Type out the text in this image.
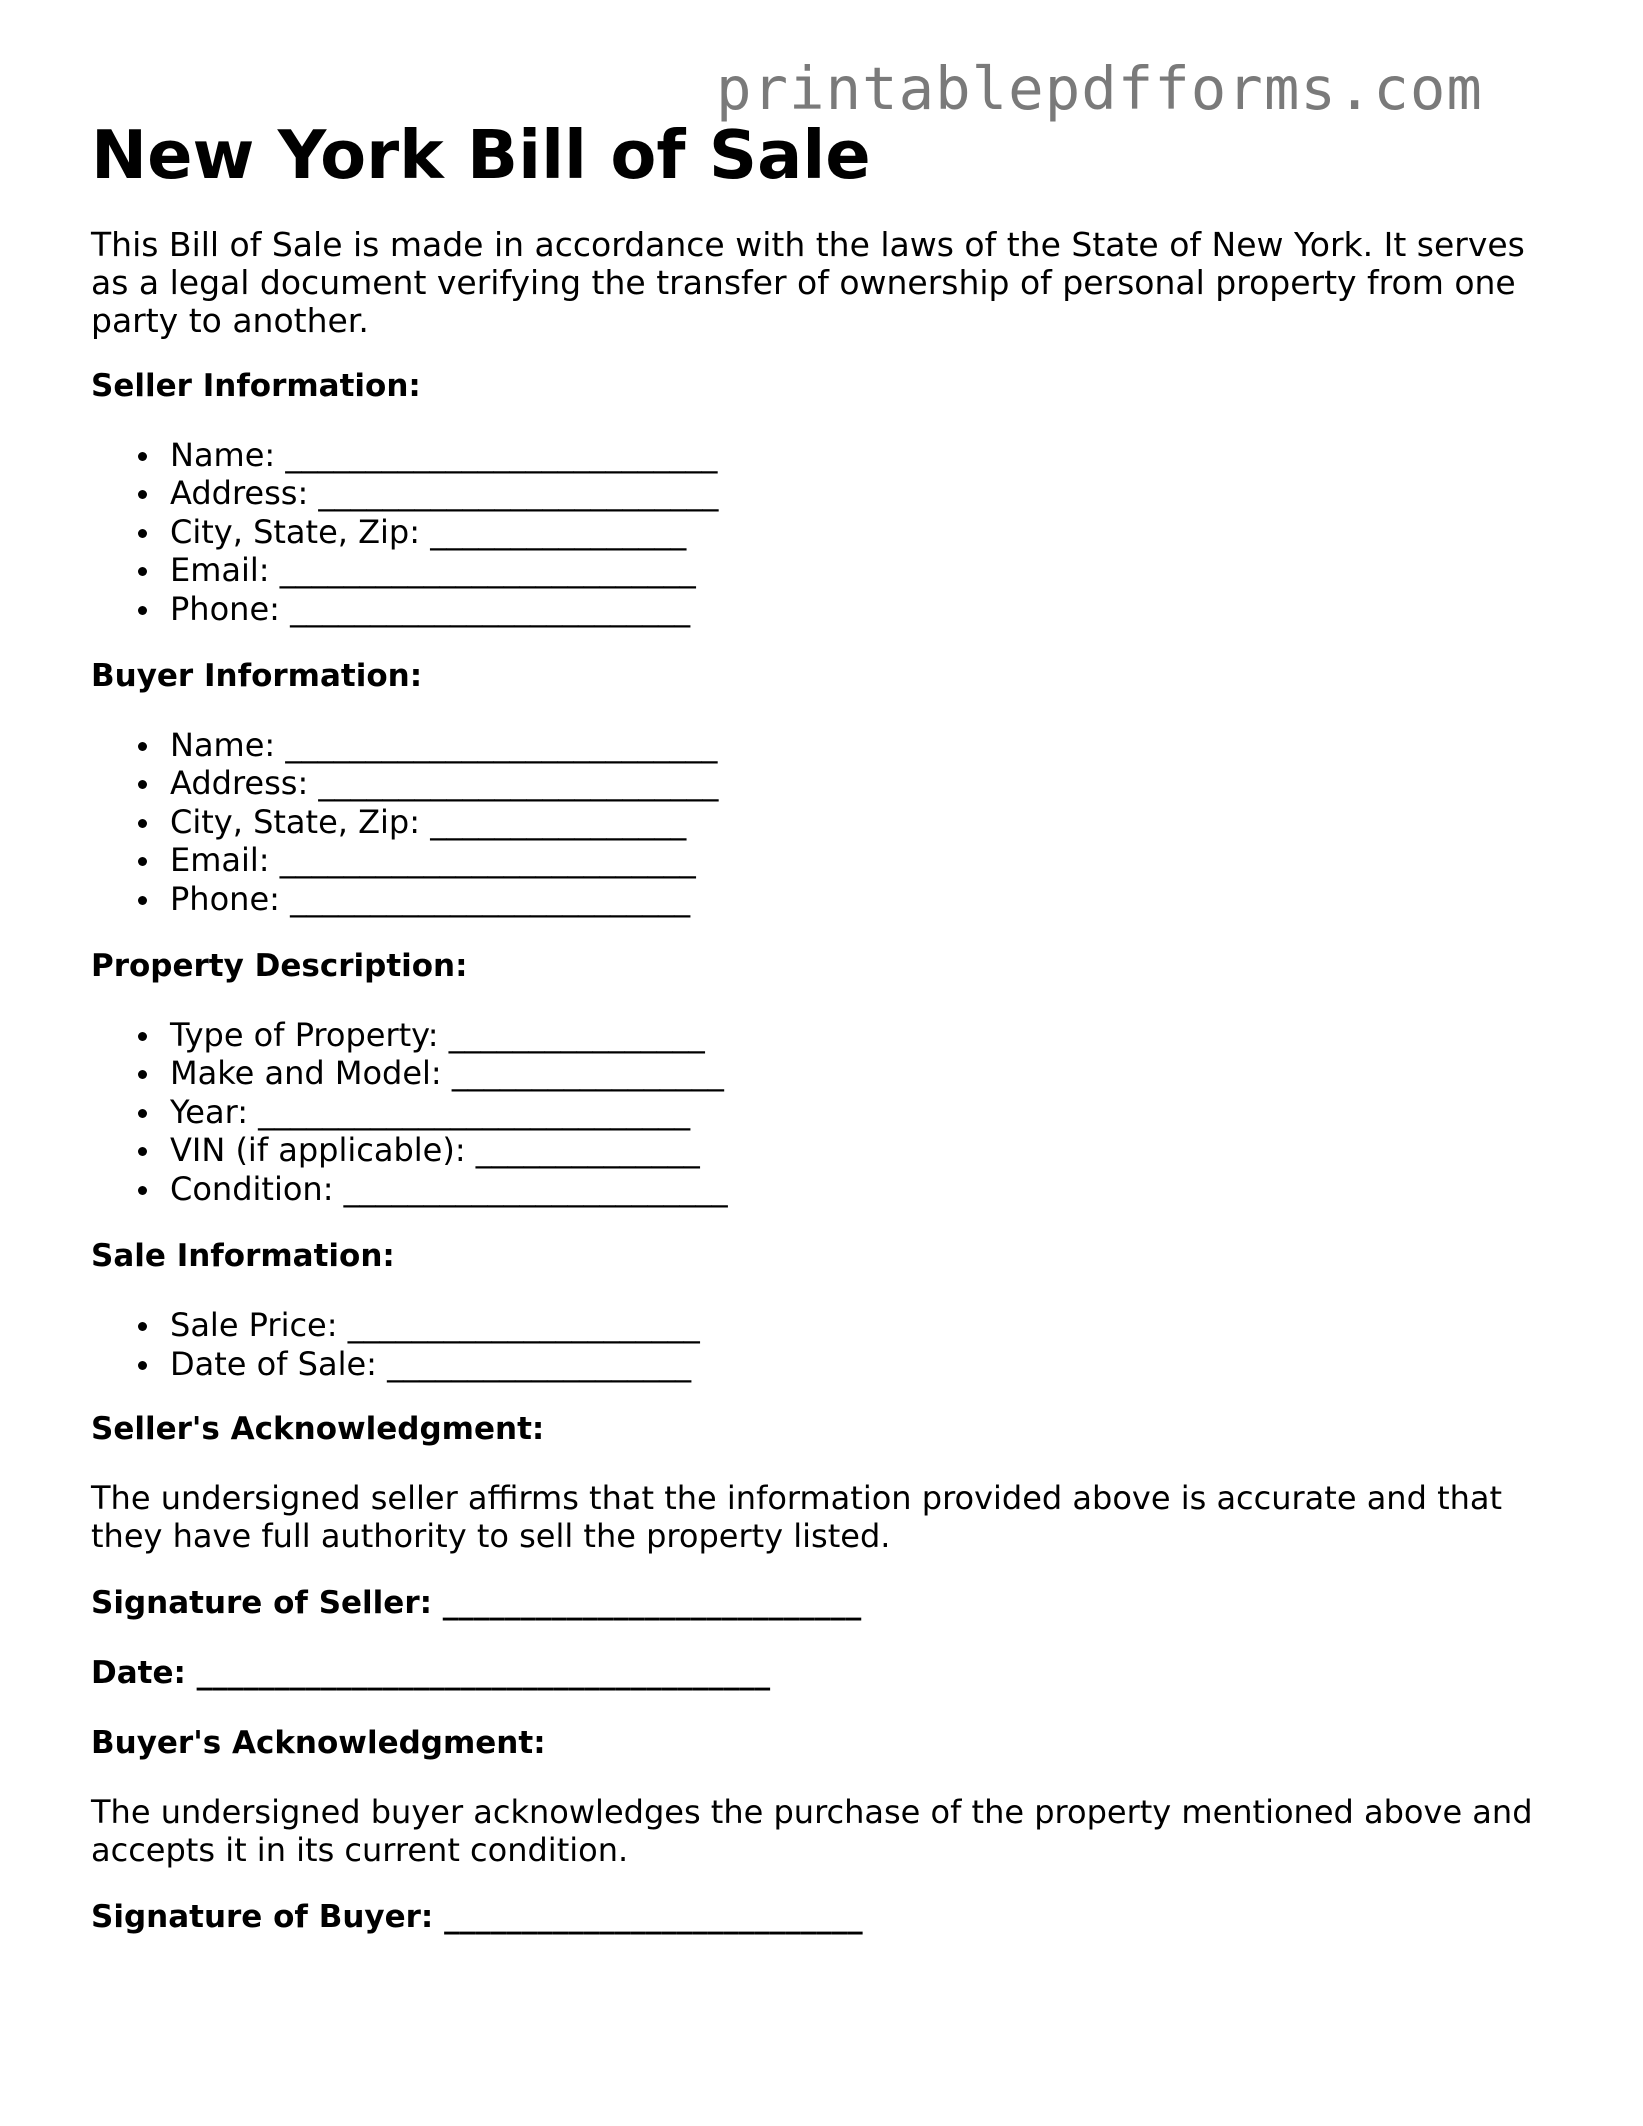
printablepdfforms.com
New York Bill of Sale

This Bill of Sale is made in accordance with the laws of the State of New York. It serves as a legal document verifying the transfer of ownership of personal property from one party to another.

Seller Information:

Name: ___________________________
Address: _________________________
City, State, Zip: ________________
Email: __________________________
Phone: _________________________

Buyer Information:

Name: ___________________________
Address: _________________________
City, State, Zip: ________________
Email: __________________________
Phone: _________________________

Property Description:

Type of Property: ________________
Make and Model: _________________
Year: ___________________________
VIN (if applicable): ______________
Condition: ________________________

Sale Information:

Sale Price: ______________________
Date of Sale: ___________________

Seller's Acknowledgment:

The undersigned seller affirms that the information provided above is accurate and that they have full authority to sell the property listed.

Signature of Seller: ___________________________

Date: _____________________________________

Buyer's Acknowledgment:

The undersigned buyer acknowledges the purchase of the property mentioned above and accepts it in its current condition.

Signature of Buyer: ___________________________
